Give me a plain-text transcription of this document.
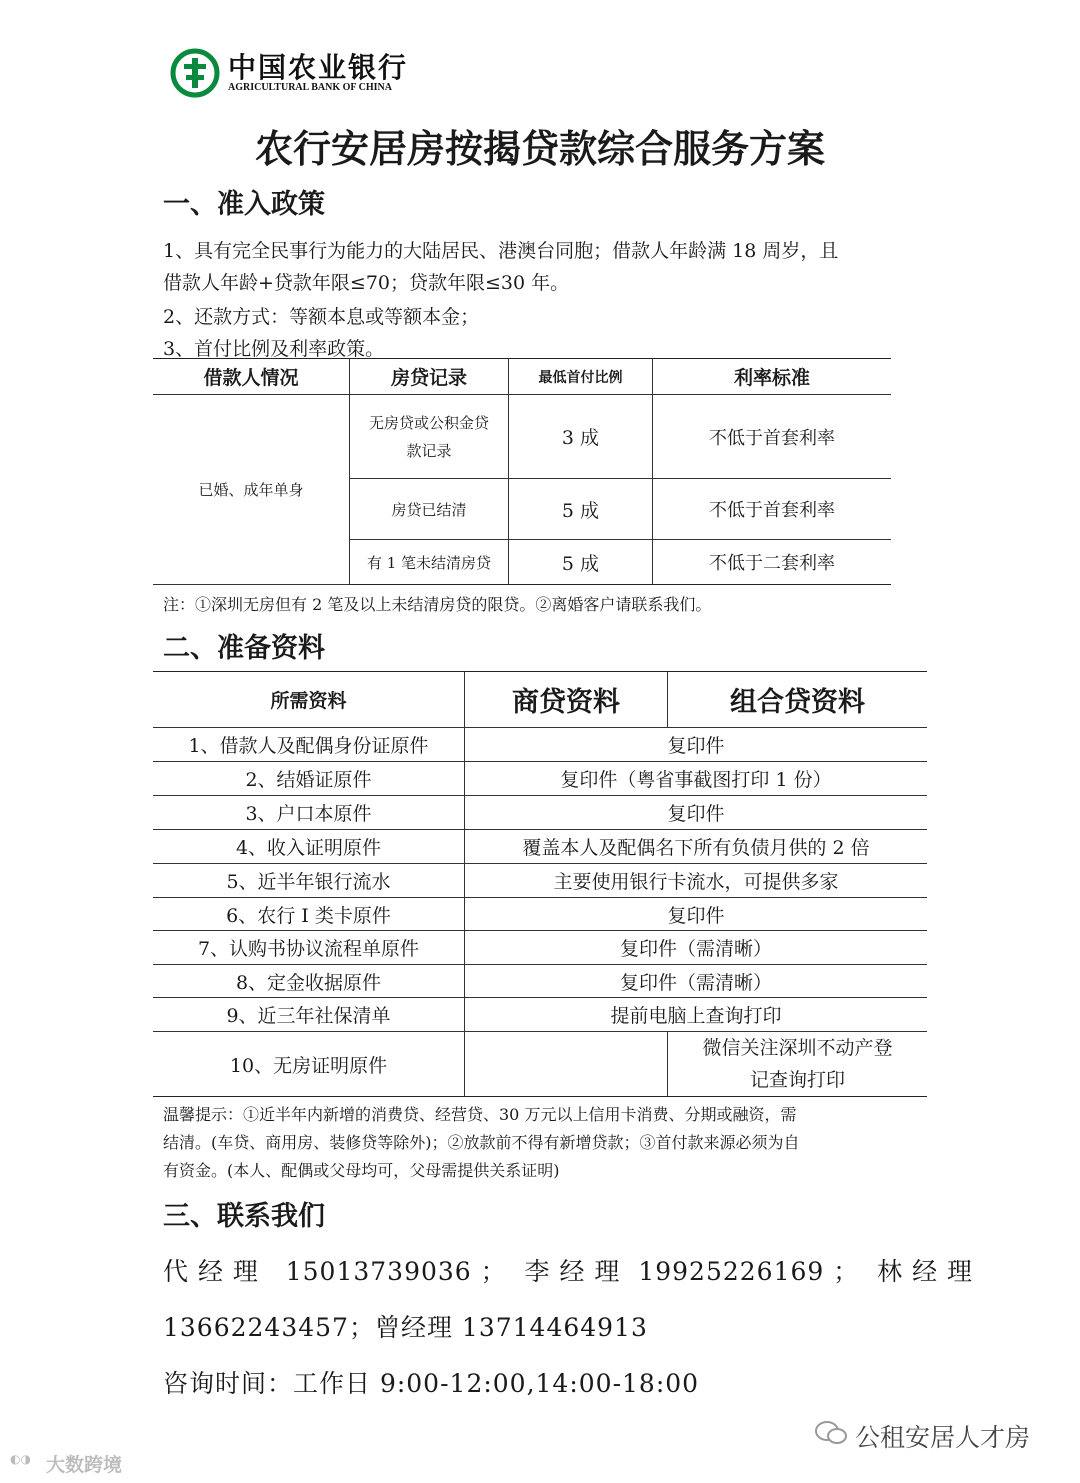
中国农业银行
AGRICULTURAL BANK OF CHINA
农行安居房按揭贷款综合服务方案
一、准入政策
1、具有完全民事行为能力的大陆居民、港澳台同胞；借款人年龄满 18 周岁，且
借款人年龄+贷款年限≤70；贷款年限≤30 年。
2、还款方式：等额本息或等额本金；
3、首付比例及利率政策。
借款人情况	房贷记录	最低首付比例	利率标准
已婚、成年单身	无房贷或公积金贷
款记录	3 成	不低于首套利率
	房贷已结清	5 成	不低于首套利率
	有 1 笔未结清房贷	5 成	不低于二套利率
注：①深圳无房但有 2 笔及以上未结清房贷的限贷。②离婚客户请联系我们。
二、准备资料
所需资料	商贷资料	组合贷资料
1、借款人及配偶身份证原件	复印件	
2、结婚证原件	复印件（粤省事截图打印 1 份）	
3、户口本原件	复印件	
4、收入证明原件	覆盖本人及配偶名下所有负债月供的 2 倍	
5、近半年银行流水	主要使用银行卡流水，可提供多家	
6、农行 I 类卡原件	复印件	
7、认购书协议流程单原件	复印件（需清晰）	
8、定金收据原件	复印件（需清晰）	
9、近三年社保清单	提前电脑上查询打印	
10、无房证明原件		微信关注深圳不动产登
记查询打印
温馨提示：①近半年内新增的消费贷、经营贷、30 万元以上信用卡消费、分期或融资，需
结清。(车贷、商用房、装修贷等除外)；②放款前不得有新增贷款；③首付款来源必须为自
有资金。(本人、配偶或父母均可，父母需提供关系证明)
三、联系我们
代 经 理   15013739036 ；  李 经 理  19925226169 ；  林 经 理
13662243457；曾经理 13714464913
咨询时间：工作日 9:00-12:00,14:00-18:00
公租安居人才房
◐◑ 大数跨境
